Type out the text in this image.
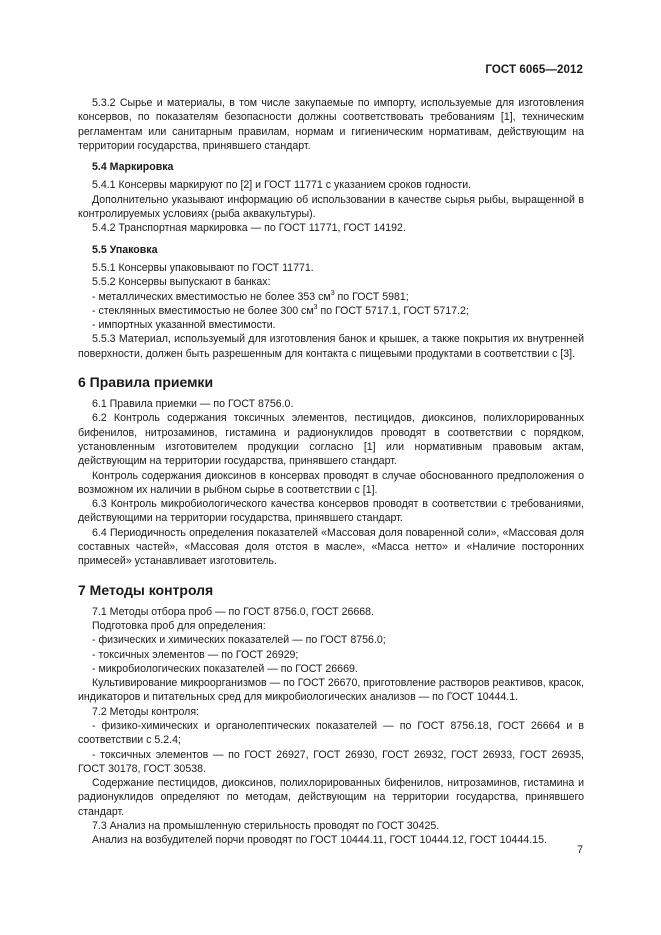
ГОСТ 6065—2012

5.3.2 Сырье и материалы, в том числе закупаемые по импорту, используемые для изготовления консервов, по показателям безопасности должны соответствовать требованиям [1], техническим регламентам или санитарным правилам, нормам и гигиеническим нормативам, действующим на территории государства, принявшего стандарт.

5.4 Маркировка

5.4.1 Консервы маркируют по [2] и ГОСТ 11771 с указанием сроков годности.

Дополнительно указывают информацию об использовании в качестве сырья рыбы, выращенной в контролируемых условиях (рыба аквакультуры).

5.4.2 Транспортная маркировка — по ГОСТ 11771, ГОСТ 14192.

5.5 Упаковка

5.5.1 Консервы упаковывают по ГОСТ 11771.

5.5.2 Консервы выпускают в банках:

- металлических вместимостью не более 353 $см^3$ по ГОСТ 5981;

- стеклянных вместимостью не более 300 $см^3$ по ГОСТ 5717.1, ГОСТ 5717.2;

- импортных указанной вместимости.

5.5.3 Материал, используемый для изготовления банок и крышек, а также покрытия их внутренней поверхности, должен быть разрешенным для контакта с пищевыми продуктами в соответствии с [3].

6 Правила приемки

6.1 Правила приемки — по ГОСТ 8756.0.

6.2 Контроль содержания токсичных элементов, пестицидов, диоксинов, полихлорированных бифенилов, нитрозаминов, гистамина и радионуклидов проводят в соответствии с порядком, установленным изготовителем продукции согласно [1] или нормативным правовым актам, действующим на территории государства, принявшего стандарт.

Контроль содержания диоксинов в консервах проводят в случае обоснованного предположения о возможном их наличии в рыбном сырье в соответствии с [1].

6.3 Контроль микробиологического качества консервов проводят в соответствии с требованиями, действующими на территории государства, принявшего стандарт.

6.4 Периодичность определения показателей «Массовая доля поваренной соли», «Массовая доля составных частей», «Массовая доля отстоя в масле», «Масса нетто» и «Наличие посторонних примесей» устанавливает изготовитель.

7 Методы контроля

7.1 Методы отбора проб — по ГОСТ 8756.0, ГОСТ 26668.

Подготовка проб для определения:

- физических и химических показателей — по ГОСТ 8756.0;

- токсичных элементов — по ГОСТ 26929;

- микробиологических показателей — по ГОСТ 26669.

Культивирование микроорганизмов — по ГОСТ 26670, приготовление растворов реактивов, красок, индикаторов и питательных сред для микробиологических анализов — по ГОСТ 10444.1.

7.2 Методы контроля:

- физико-химических и органолептических показателей — по ГОСТ 8756.18, ГОСТ 26664 и в соответствии с 5.2.4;

- токсичных элементов — по ГОСТ 26927, ГОСТ 26930, ГОСТ 26932, ГОСТ 26933, ГОСТ 26935, ГОСТ 30178, ГОСТ 30538.

Содержание пестицидов, диоксинов, полихлорированных бифенилов, нитрозаминов, гистамина и радионуклидов определяют по методам, действующим на территории государства, принявшего стандарт.

7.3 Анализ на промышленную стерильность проводят по ГОСТ 30425.

Анализ на возбудителей порчи проводят по ГОСТ 10444.11, ГОСТ 10444.12, ГОСТ 10444.15.

7
